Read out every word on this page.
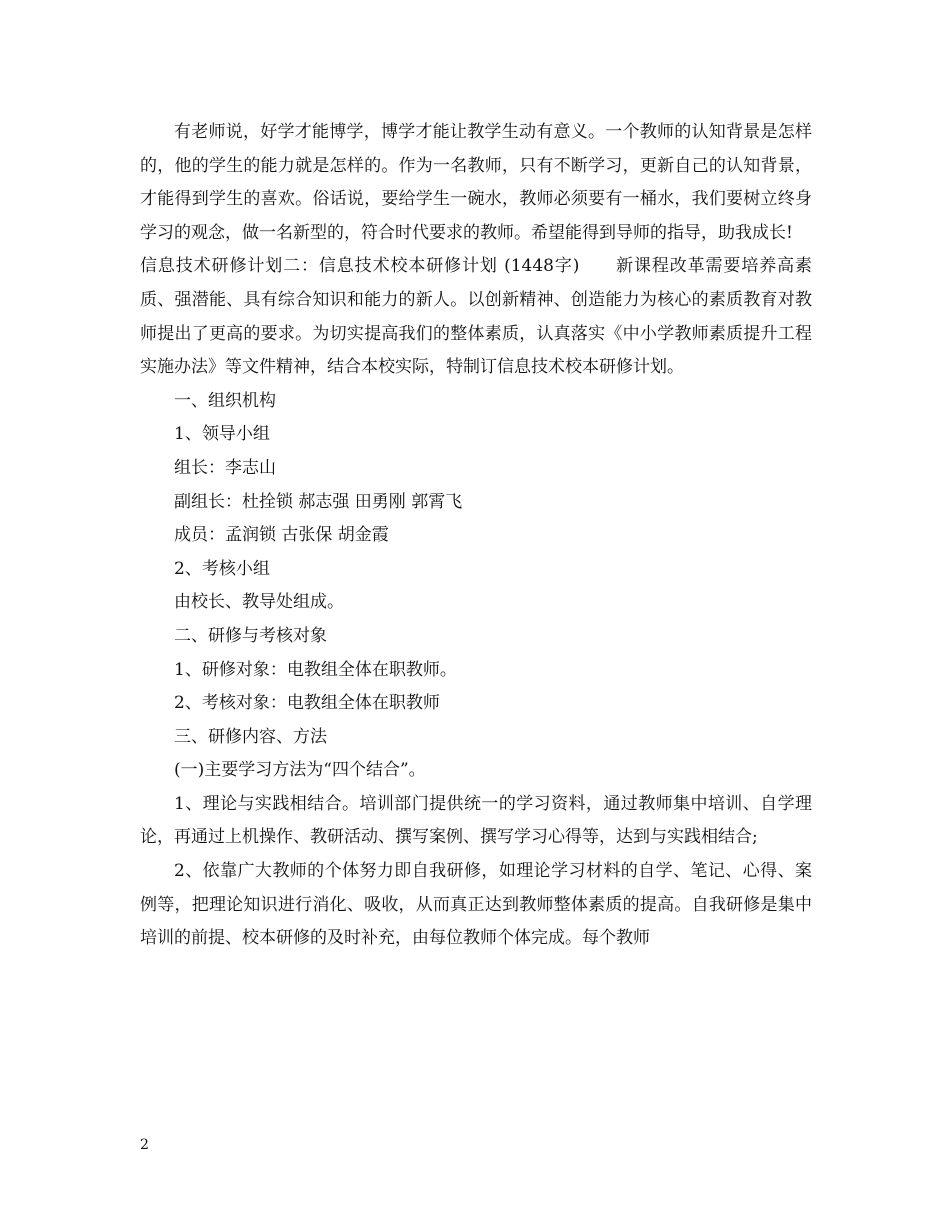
有老师说，好学才能博学，博学才能让教学生动有意义。一个教师的认知背景是怎样的，他的学生的能力就是怎样的。作为一名教师，只有不断学习，更新自己的认知背景，才能得到学生的喜欢。俗话说，要给学生一碗水，教师必须要有一桶水，我们要树立终身学习的观念，做一名新型的，符合时代要求的教师。希望能得到导师的指导，助我成长!

信息技术研修计划二：信息技术校本研修计划 (1448字)　　新课程改革需要培养高素质、强潜能、具有综合知识和能力的新人。以创新精神、创造能力为核心的素质教育对教师提出了更高的要求。为切实提高我们的整体素质，认真落实《中小学教师素质提升工程实施办法》等文件精神，结合本校实际，特制订信息技术校本研修计划。

一、组织机构

1、领导小组

组长：李志山

副组长：杜拴锁 郝志强 田勇刚 郭霄飞

成员：孟润锁 古张保 胡金霞

2、考核小组

由校长、教导处组成。

二、研修与考核对象

1、研修对象：电教组全体在职教师。

2、考核对象：电教组全体在职教师

三、研修内容、方法

(一)主要学习方法为“四个结合”。

1、理论与实践相结合。培训部门提供统一的学习资料，通过教师集中培训、自学理论，再通过上机操作、教研活动、撰写案例、撰写学习心得等，达到与实践相结合;

2、依靠广大教师的个体努力即自我研修，如理论学习材料的自学、笔记、心得、案例等，把理论知识进行消化、吸收，从而真正达到教师整体素质的提高。自我研修是集中培训的前提、校本研修的及时补充，由每位教师个体完成。每个教师

2
